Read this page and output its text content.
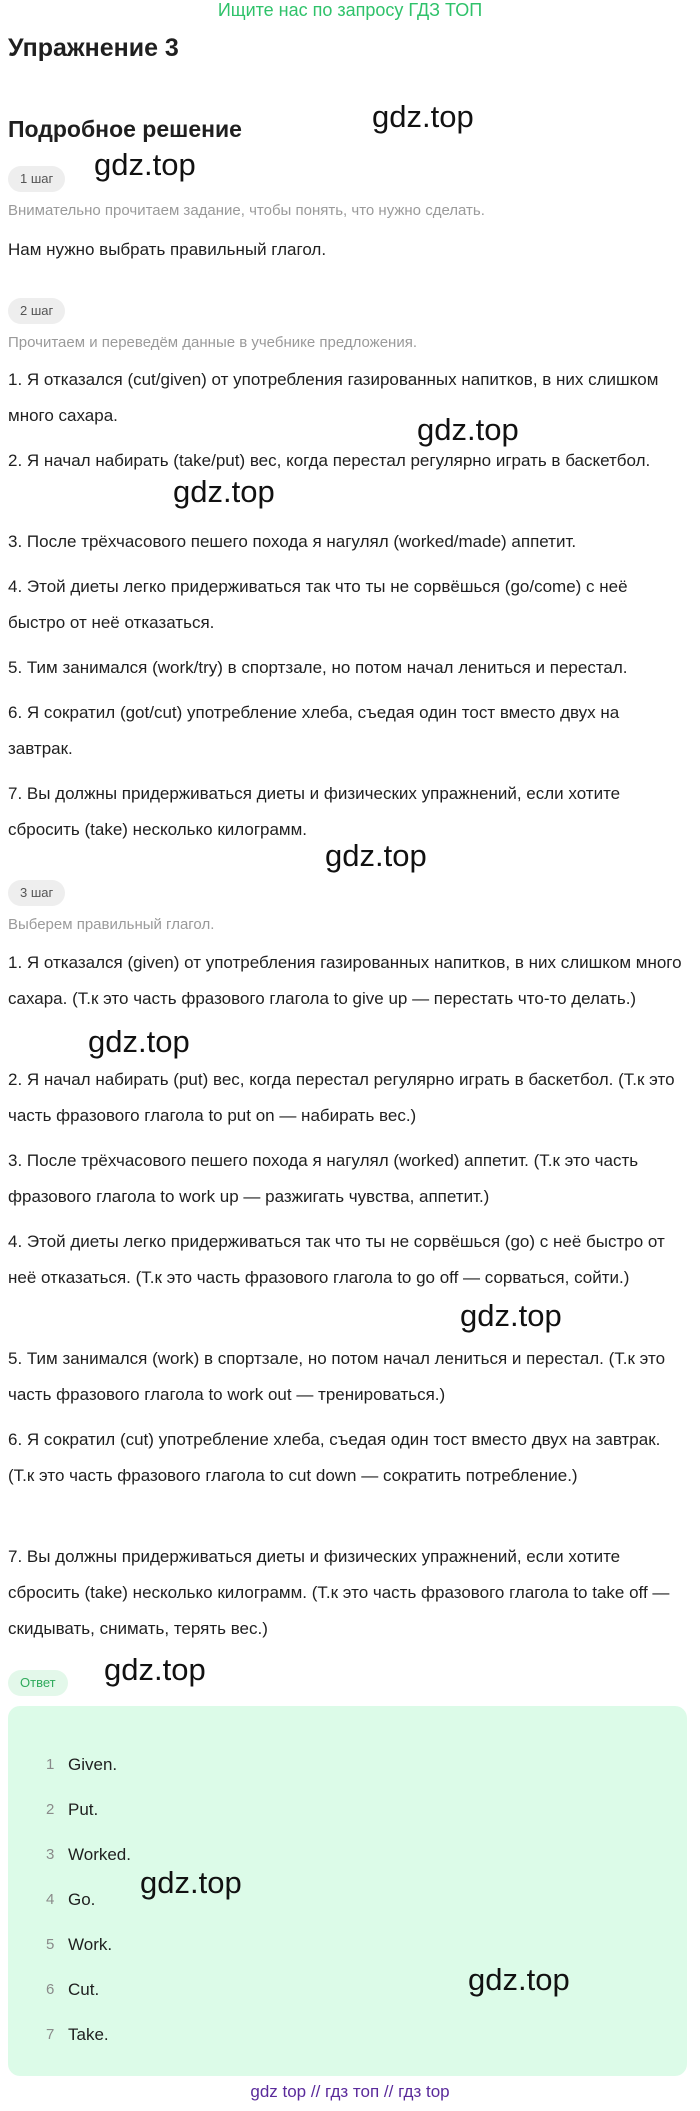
Ищите нас по запросу ГДЗ ТОП
Упражнение 3
Подробное решение
1 шаг
Внимательно прочитаем задание, чтобы понять, что нужно сделать.
Нам нужно выбрать правильный глагол.
2 шаг
Прочитаем и переведём данные в учебнике предложения.
1. Я отказался (cut/given) от употребления газированных напитков, в них слишком много сахара.
2. Я начал набирать (take/put) вес, когда перестал регулярно играть в баскетбол.
3. После трёхчасового пешего похода я нагулял (worked/made) аппетит.
4. Этой диеты легко придерживаться так что ты не сорвёшься (go/come) с неё быстро от неё отказаться.
5. Тим занимался (work/try) в спортзале, но потом начал лениться и перестал.
6. Я сократил (got/cut) употребление хлеба, съедая один тост вместо двух на завтрак.
7. Вы должны придерживаться диеты и физических упражнений, если хотите сбросить (take) несколько килограмм.
3 шаг
Выберем правильный глагол.
1. Я отказался (given) от употребления газированных напитков, в них слишком много сахара. (Т.к это часть фразового глагола to give up — перестать что-то делать.)
2. Я начал набирать (put) вес, когда перестал регулярно играть в баскетбол. (Т.к это часть фразового глагола to put on — набирать вес.)
3. После трёхчасового пешего похода я нагулял (worked) аппетит. (Т.к это часть фразового глагола to work up — разжигать чувства, аппетит.)
4. Этой диеты легко придерживаться так что ты не сорвёшься (go) с неё быстро от неё отказаться. (Т.к это часть фразового глагола to go off — сорваться, сойти.)
5. Тим занимался (work) в спортзале, но потом начал лениться и перестал. (Т.к это часть фразового глагола to work out — тренироваться.)
6. Я сократил (cut) употребление хлеба, съедая один тост вместо двух на завтрак. (Т.к это часть фразового глагола to cut down — сократить потребление.)
7. Вы должны придерживаться диеты и физических упражнений, если хотите сбросить (take) несколько килограмм. (Т.к это часть фразового глагола to take off — скидывать, снимать, терять вес.)
Ответ
1 Given.
2 Put.
3 Worked.
4 Go.
5 Work.
6 Cut.
7 Take.
gdz.top
gdz.top
gdz.top
gdz.top
gdz.top
gdz.top
gdz.top
gdz.top
gdz.top
gdz.top
gdz top // гдз топ // гдз top
